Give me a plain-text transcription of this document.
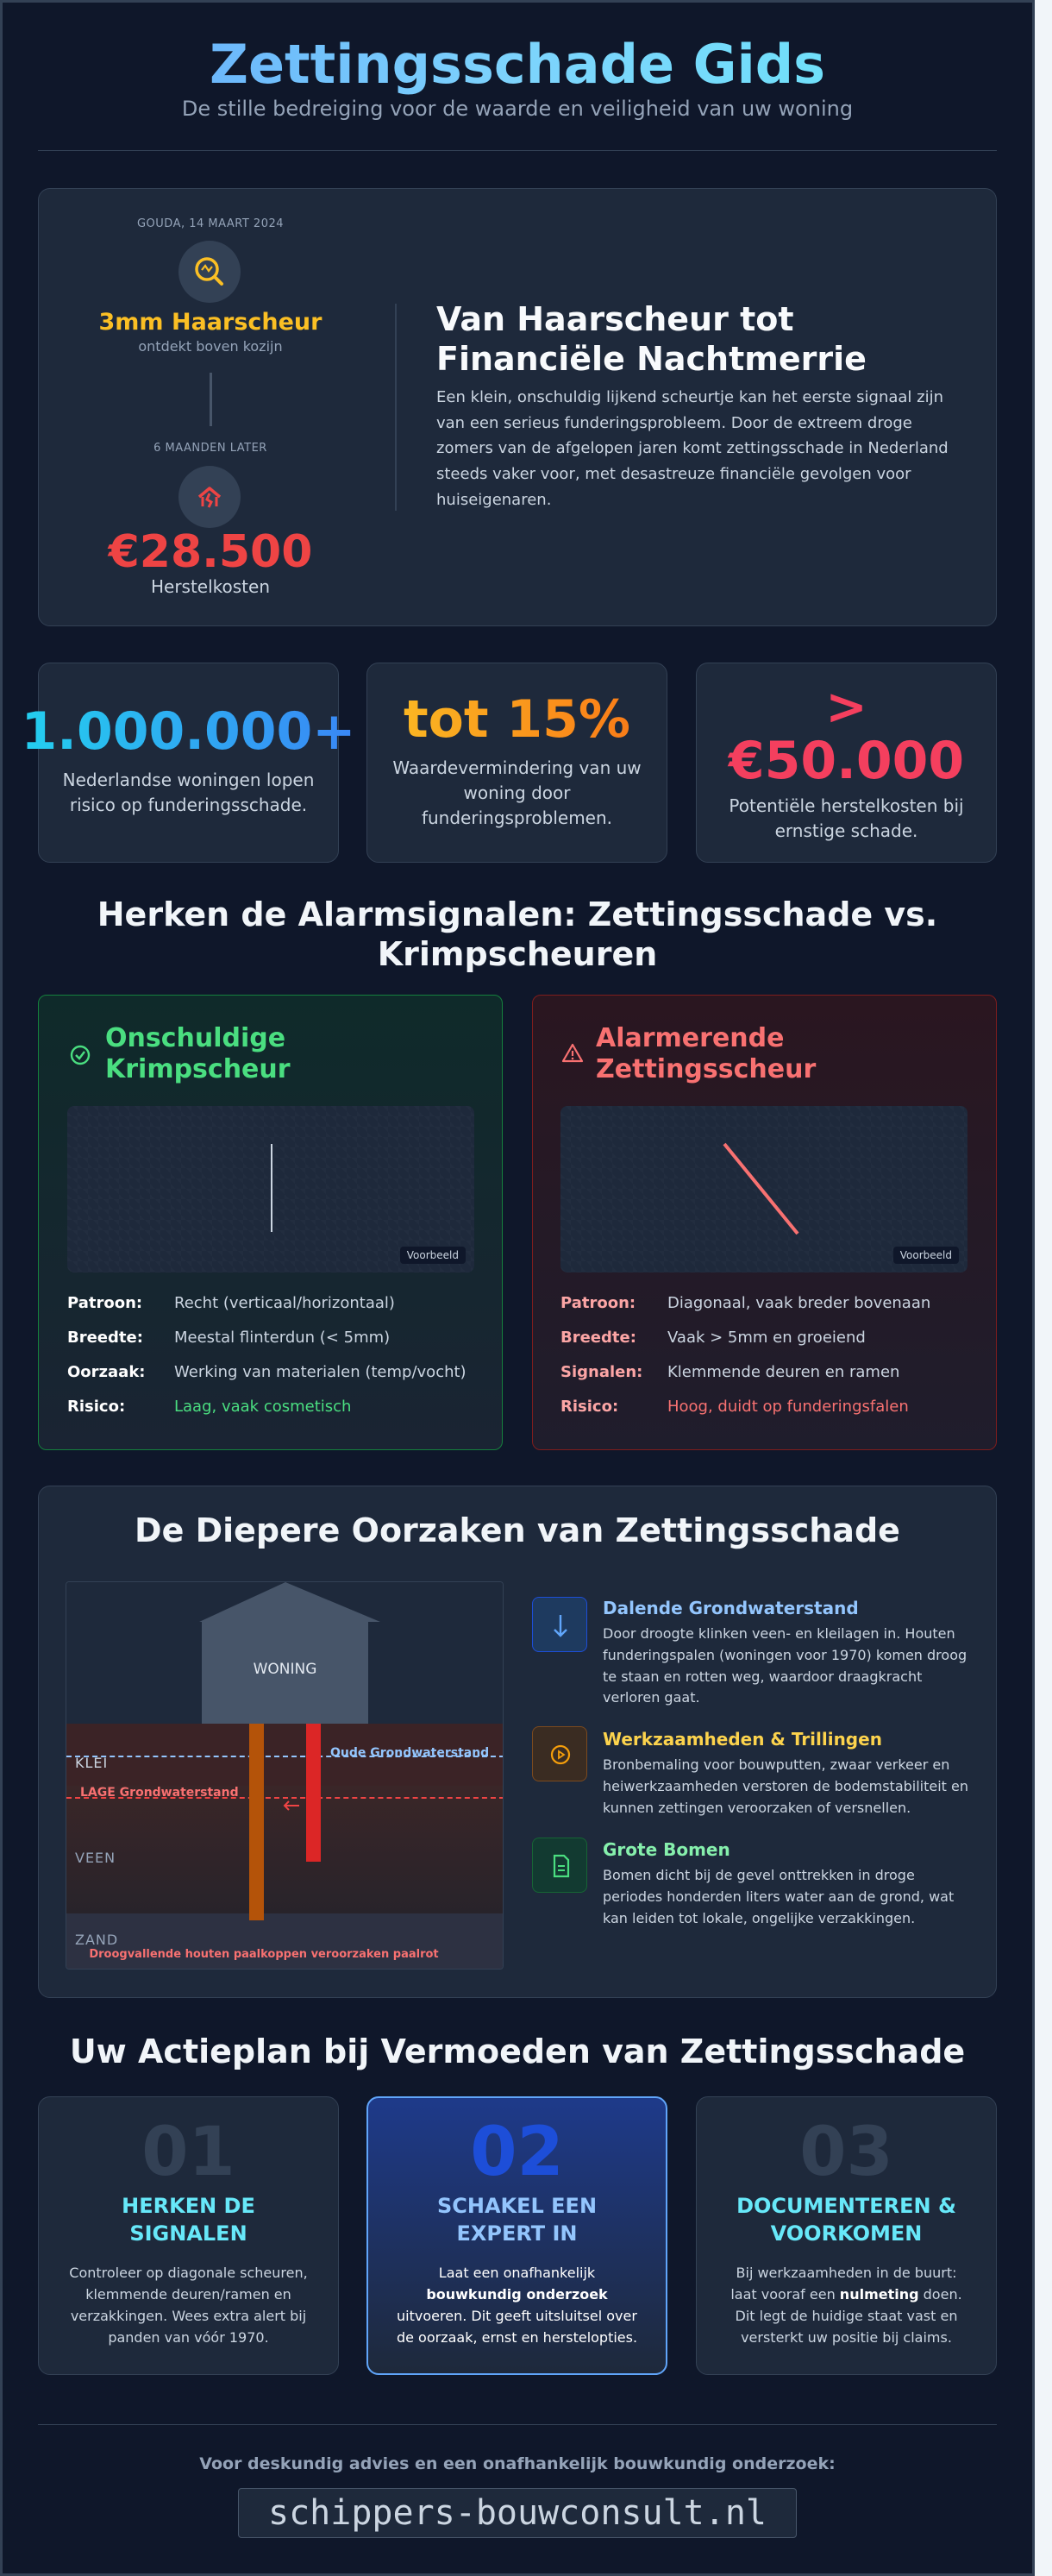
Zettingsschade Gids
De stille bedreiging voor de waarde en veiligheid van uw woning
GOUDA, 14 MAART 2024
3mm Haarscheur
ontdekt boven kozijn
6 MAANDEN LATER
€28.500
Herstelkosten
Van Haarscheur tot Financiële Nachtmerrie
Een klein, onschuldig lijkend scheurtje kan het eerste signaal zijn van een serieus funderingsprobleem. Door de extreem droge zomers van de afgelopen jaren komt zettingsschade in Nederland steeds vaker voor, met desastreuze financiële gevolgen voor huiseigenaren.
1.000.000+
Nederlandse woningen lopen risico op funderingsschade.
tot 15%
Waardevermindering van uw woning door funderingsproblemen.
>
€50.000
Potentiële herstelkosten bij ernstige schade.
Herken de Alarmsignalen: Zettingsschade vs. Krimpscheuren
Onschuldige Krimpscheur
Voorbeeld
Patroon: Recht (verticaal/horizontaal)
Breedte: Meestal flinterdun (< 5mm)
Oorzaak: Werking van materialen (temp/vocht)
Risico:	Laag, vaak cosmetisch
Alarmerende Zettingsscheur
Voorbeeld
Patroon: Diagonaal, vaak breder bovenaan
Breedte: Vaak > 5mm en groeiend
Signalen: Klemmende deuren en ramen
Risico:	Hoog, duidt op funderingsfalen
De Diepere Oorzaken van Zettingsschade
WONING
KLEI
Oude Grondwaterstand
LAGE Grondwaterstand
VEEN
ZAND
Droogvallende houten paalkoppen veroorzaken paalrot
Dalende Grondwaterstand
Door droogte klinken veen- en kleilagen in. Houten funderingspalen (woningen voor 1970) komen droog te staan en rotten weg, waardoor draagkracht verloren gaat.
Werkzaamheden & Trillingen
Bronbemaling voor bouwputten, zwaar verkeer en heiwerkzaamheden verstoren de bodemstabiliteit en kunnen zettingen veroorzaken of versnellen.
Grote Bomen
Bomen dicht bij de gevel onttrekken in droge periodes honderden liters water aan de grond, wat kan leiden tot lokale, ongelijke verzakkingen.
Uw Actieplan bij Vermoeden van Zettingsschade
01
HERKEN DE
SIGNALEN
Controleer op diagonale scheuren,
klemmende deuren/ramen en
verzakkingen. Wees extra alert bij
panden van vóór 1970.
02
SCHAKEL EEN
EXPERT IN
Laat een onafhankelijk
bouwkundig onderzoek
uitvoeren. Dit geeft uitsluitsel over
de oorzaak, ernst en herstelopties.
03
DOCUMENTEREN &
VOORKOMEN
Bij werkzaamheden in de buurt:
laat vooraf een nulmeting doen.
Dit legt de huidige staat vast en
versterkt uw positie bij claims.
Voor deskundig advies en een onafhankelijk bouwkundig onderzoek:
schippers-bouwconsult.nl
